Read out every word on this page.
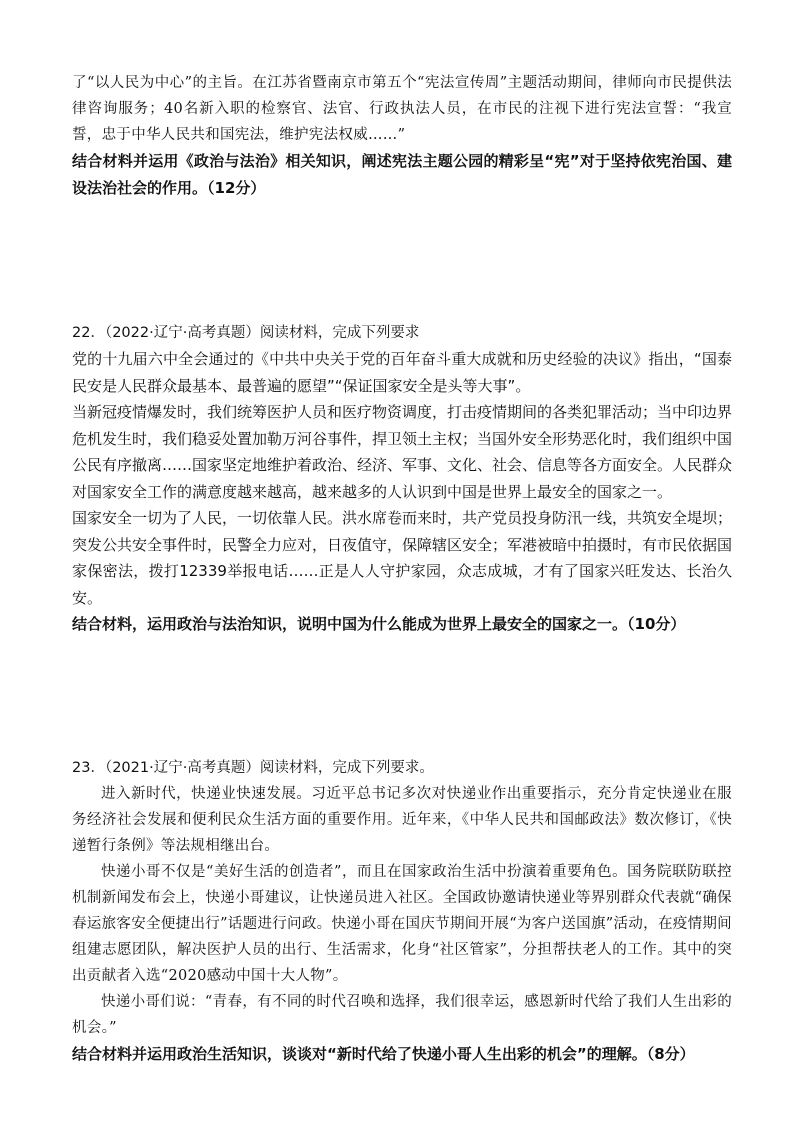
了“以人民为中心”的主旨。在江苏省暨南京市第五个“宪法宣传周”主题活动期间，律师向市民提供法律咨询服务；40名新入职的检察官、法官、行政执法人员，在市民的注视下进行宪法宣誓：“我宣誓，忠于中华人民共和国宪法，维护宪法权威……”

结合材料并运用《政治与法治》相关知识，阐述宪法主题公园的精彩呈“宪”对于坚持依宪治国、建设法治社会的作用。（12分）

22．（2022·辽宁·高考真题）阅读材料，完成下列要求

党的十九届六中全会通过的《中共中央关于党的百年奋斗重大成就和历史经验的决议》指出，“国泰民安是人民群众最基本、最普遍的愿望”“保证国家安全是头等大事”。

当新冠疫情爆发时，我们统筹医护人员和医疗物资调度，打击疫情期间的各类犯罪活动；当中印边界危机发生时，我们稳妥处置加勒万河谷事件，捍卫领土主权；当国外安全形势恶化时，我们组织中国公民有序撤离……国家坚定地维护着政治、经济、军事、文化、社会、信息等各方面安全。人民群众对国家安全工作的满意度越来越高，越来越多的人认识到中国是世界上最安全的国家之一。

国家安全一切为了人民，一切依靠人民。洪水席卷而来时，共产党员投身防汛一线，共筑安全堤坝；突发公共安全事件时，民警全力应对，日夜值守，保障辖区安全；军港被暗中拍摄时，有市民依据国家保密法，拨打12339举报电话……正是人人守护家园，众志成城，才有了国家兴旺发达、长治久安。

结合材料，运用政治与法治知识，说明中国为什么能成为世界上最安全的国家之一。（10分）

23．（2021·辽宁·高考真题）阅读材料，完成下列要求。

进入新时代，快递业快速发展。习近平总书记多次对快递业作出重要指示，充分肯定快递业在服务经济社会发展和便利民众生活方面的重要作用。近年来，《中华人民共和国邮政法》数次修订，《快递暂行条例》等法规相继出台。

快递小哥不仅是“美好生活的创造者”，而且在国家政治生活中扮演着重要角色。国务院联防联控机制新闻发布会上，快递小哥建议，让快递员进入社区。全国政协邀请快递业等界别群众代表就“确保春运旅客安全便捷出行”话题进行问政。快递小哥在国庆节期间开展“为客户送国旗”活动，在疫情期间组建志愿团队，解决医护人员的出行、生活需求，化身“社区管家”，分担帮扶老人的工作。其中的突出贡献者入选“2020感动中国十大人物”。

快递小哥们说：“青春，有不同的时代召唤和选择，我们很幸运，感恩新时代给了我们人生出彩的机会。”

结合材料并运用政治生活知识，谈谈对“新时代给了快递小哥人生出彩的机会”的理解。（8分）
